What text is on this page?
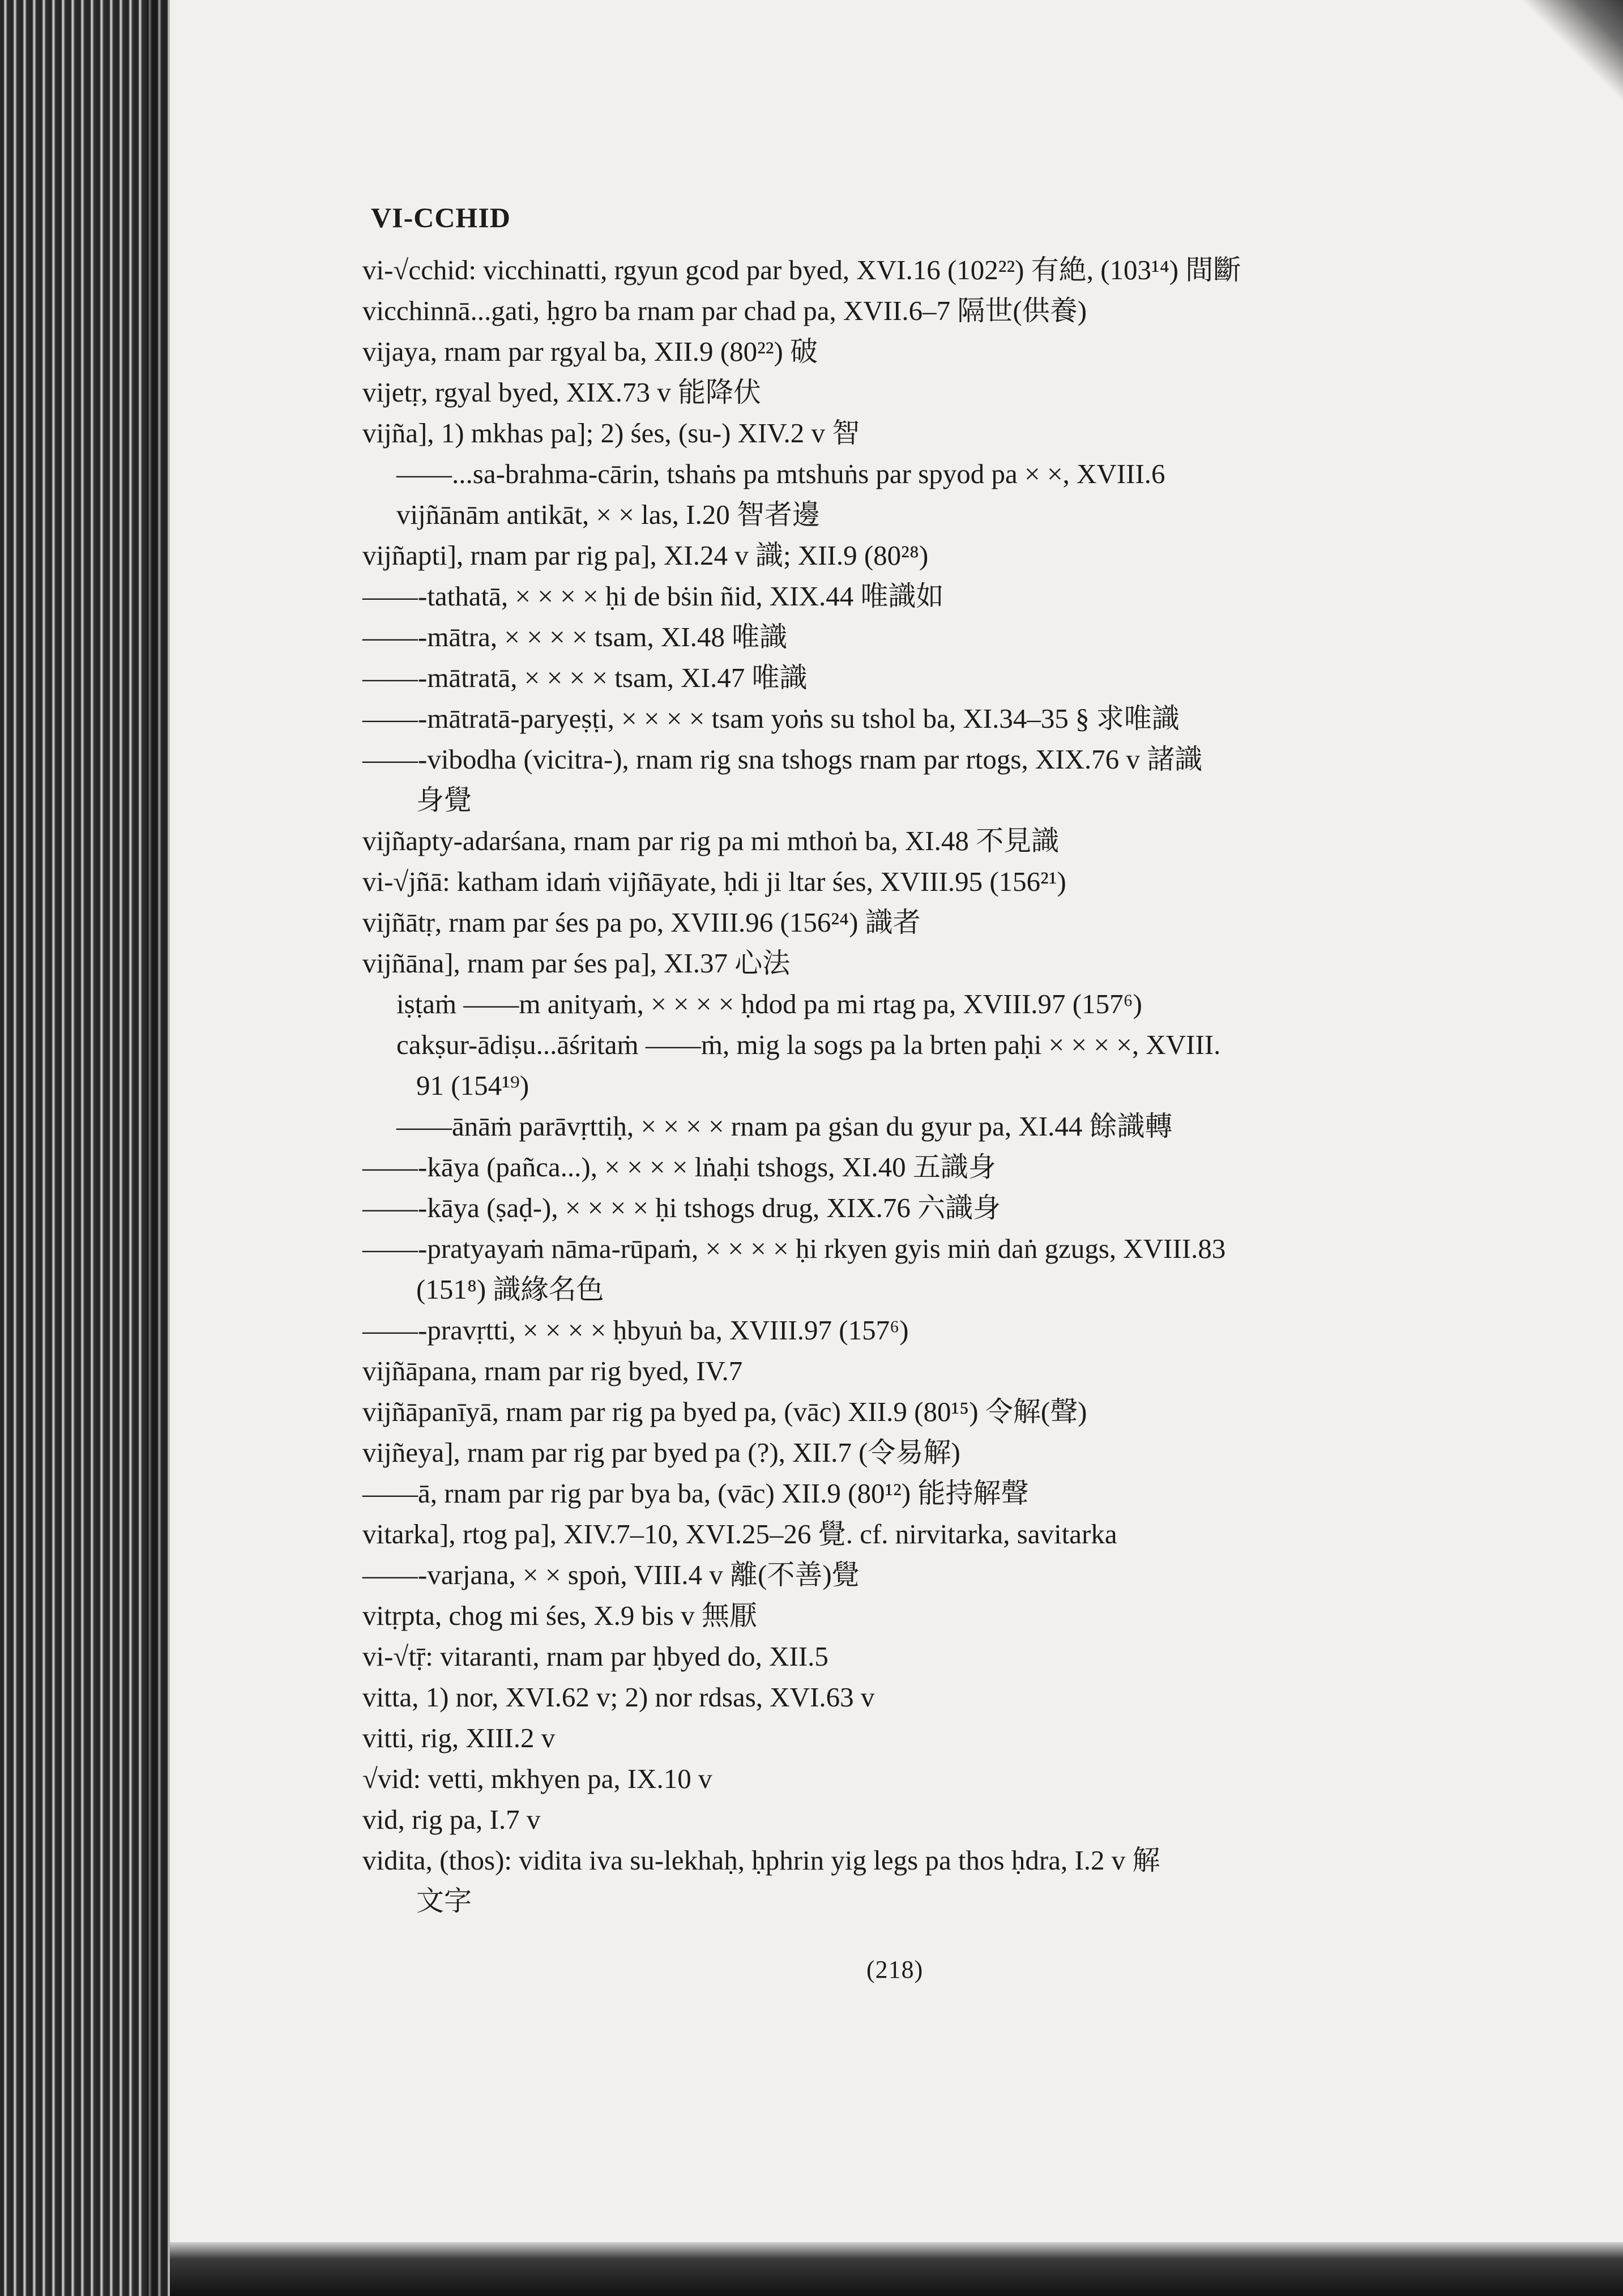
VI-CCHID
vi-√cchid: vicchinatti, rgyun gcod par byed, XVI.16 (102²²) 有絶, (103¹⁴) 間斷
vicchinnā...gati, ḥgro ba rnam par chad pa, XVII.6–7 隔世(供養)
vijaya, rnam par rgyal ba, XII.9 (80²²) 破
vijetṛ, rgyal byed, XIX.73 v 能降伏
vijña], 1) mkhas pa]; 2) śes, (su-) XIV.2 v 智
——...sa-brahma-cārin, tshaṅs pa mtshuṅs par spyod pa × ×, XVIII.6
vijñānām antikāt, × × las, I.20 智者邊
vijñapti], rnam par rig pa], XI.24 v 識; XII.9 (80²⁸)
——-tathatā, × × × × ḥi de bṡin ñid, XIX.44 唯識如
——-mātra, × × × × tsam, XI.48 唯識
——-mātratā, × × × × tsam, XI.47 唯識
——-mātratā-paryeṣṭi, × × × × tsam yoṅs su tshol ba, XI.34–35 § 求唯識
——-vibodha (vicitra-), rnam rig sna tshogs rnam par rtogs, XIX.76 v 諸識
身覺
vijñapty-adarśana, rnam par rig pa mi mthoṅ ba, XI.48 不見識
vi-√jñā: katham idaṁ vijñāyate, ḥdi ji ltar śes, XVIII.95 (156²¹)
vijñātṛ, rnam par śes pa po, XVIII.96 (156²⁴) 識者
vijñāna], rnam par śes pa], XI.37 心法
iṣṭaṁ ——m anityaṁ, × × × × ḥdod pa mi rtag pa, XVIII.97 (157⁶)
cakṣur-ādiṣu...āśritaṁ ——ṁ, mig la sogs pa la brten paḥi × × × ×, XVIII.
91 (154¹⁹)
——ānāṁ parāvṛttiḥ, × × × × rnam pa gṡan du gyur pa, XI.44 餘識轉
——-kāya (pañca...), × × × × lṅaḥi tshogs, XI.40 五識身
——-kāya (ṣaḍ-), × × × × ḥi tshogs drug, XIX.76 六識身
——-pratyayaṁ nāma-rūpaṁ, × × × × ḥi rkyen gyis miṅ daṅ gzugs, XVIII.83
(151⁸) 識緣名色
——-pravṛtti, × × × × ḥbyuṅ ba, XVIII.97 (157⁶)
vijñāpana, rnam par rig byed, IV.7
vijñāpanīyā, rnam par rig pa byed pa, (vāc) XII.9 (80¹⁵) 令解(聲)
vijñeya], rnam par rig par byed pa (?), XII.7 (令易解)
——ā, rnam par rig par bya ba, (vāc) XII.9 (80¹²) 能持解聲
vitarka], rtog pa], XIV.7–10, XVI.25–26 覺. cf. nirvitarka, savitarka
——-varjana, × × spoṅ, VIII.4 v 離(不善)覺
vitṛpta, chog mi śes, X.9 bis v 無厭
vi-√tṝ: vitaranti, rnam par ḥbyed do, XII.5
vitta, 1) nor, XVI.62 v; 2) nor rdsas, XVI.63 v
vitti, rig, XIII.2 v
√vid: vetti, mkhyen pa, IX.10 v
vid, rig pa, I.7 v
vidita, (thos): vidita iva su-lekhaḥ, ḥphrin yig legs pa thos ḥdra, I.2 v 解
文字
(218)
